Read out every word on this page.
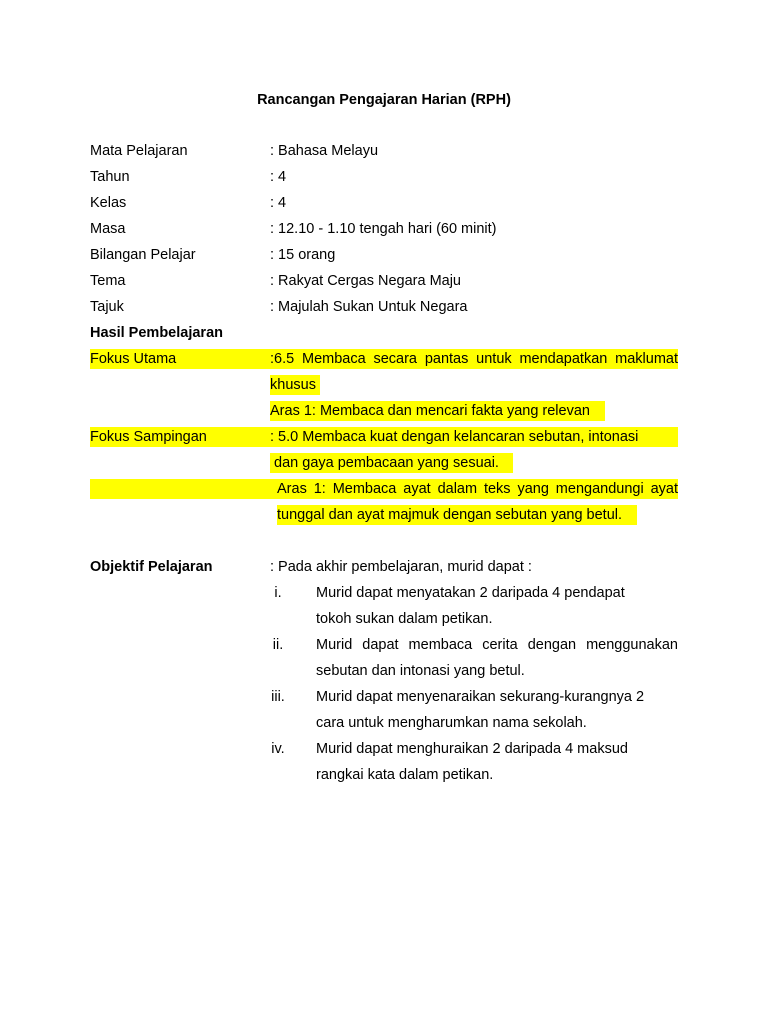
Rancangan Pengajaran Harian (RPH)
Mata Pelajaran	: Bahasa Melayu
Tahun	: 4
Kelas	: 4
Masa	: 12.10 - 1.10 tengah hari (60 minit)
Bilangan Pelajar	: 15 orang
Tema	: Rakyat Cergas Negara Maju
Tajuk	: Majulah Sukan Untuk Negara
Hasil Pembelajaran
Fokus Utama	:6.5 Membaca secara pantas untuk mendapatkan maklumat
khusus
Aras 1: Membaca dan mencari fakta yang relevan
Fokus Sampingan	: 5.0 Membaca kuat dengan kelancaran sebutan, intonasi
dan gaya pembacaan yang sesuai.
Aras 1: Membaca ayat dalam teks yang mengandungi ayat
tunggal dan ayat majmuk dengan sebutan yang betul.
Objektif Pelajaran	: Pada akhir pembelajaran, murid dapat :
i.	Murid dapat menyatakan 2 daripada 4 pendapat
tokoh sukan dalam petikan.
ii.	Murid dapat membaca cerita dengan menggunakan
sebutan dan intonasi yang betul.
iii.	Murid dapat menyenaraikan sekurang-kurangnya 2
cara untuk mengharumkan nama sekolah.
iv.	Murid dapat menghuraikan 2 daripada 4 maksud
rangkai kata dalam petikan.
